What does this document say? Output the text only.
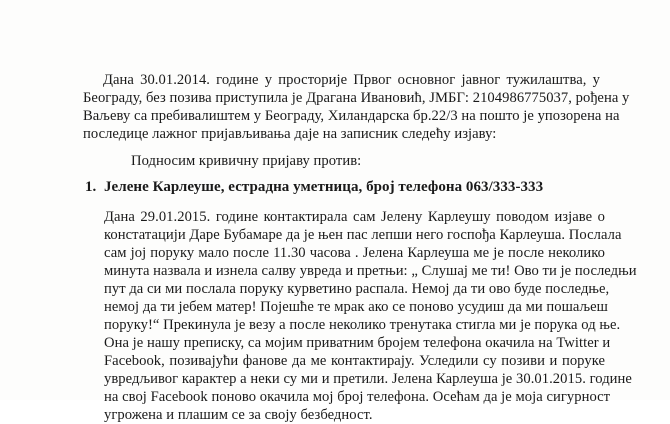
Дана 30.01.2014. године у просторије Првог основног јавног тужилаштва, у
Београду, без позива приступила је Драгана Ивановић, ЈМБГ: 2104986775037, рођена у
Ваљеву са пребивалиштем у Београду, Хиландарска бр.22/3 на пошто је упозорена на
последице лажног пријављивања даје на записник следећу изјаву:
Подносим кривичну пријаву против:
1. Јелене Карлеуше, естрадна уметница, број телефона 063/333-333
Дана 29.01.2015. године контактирала сам Јелену Карлеушу поводом изјаве о
констатацији Даре Бубамаре да је њен пас лепши него госпођа Карлеуша. Послала
сам јој поруку мало после 11.30 часова . Јелена Карлеуша ме је после неколико
минута назвала и изнела салву увреда и претњи: „ Слушај ме ти! Ово ти је последњи
пут да си ми послала поруку курветино распала. Немој да ти ово буде последње,
немој да ти јебем матер! Појешће те мрак ако се поново усудиш да ми пошаљеш
поруку!“ Прекинула је везу а после неколико тренутака стигла ми је порука од ње.
Она је нашу преписку, са мојим приватним бројем телефона окачила на Twitter и
Facebook, позивајући фанове да ме контактирају. Уследили су позиви и поруке
увредљивог карактер а неки су ми и претили. Јелена Карлеуша је 30.01.2015. године
на свој Facebook поново окачила мој број телефона. Осећам да је моја сигурност
угрожена и плашим се за своју безбедност.
